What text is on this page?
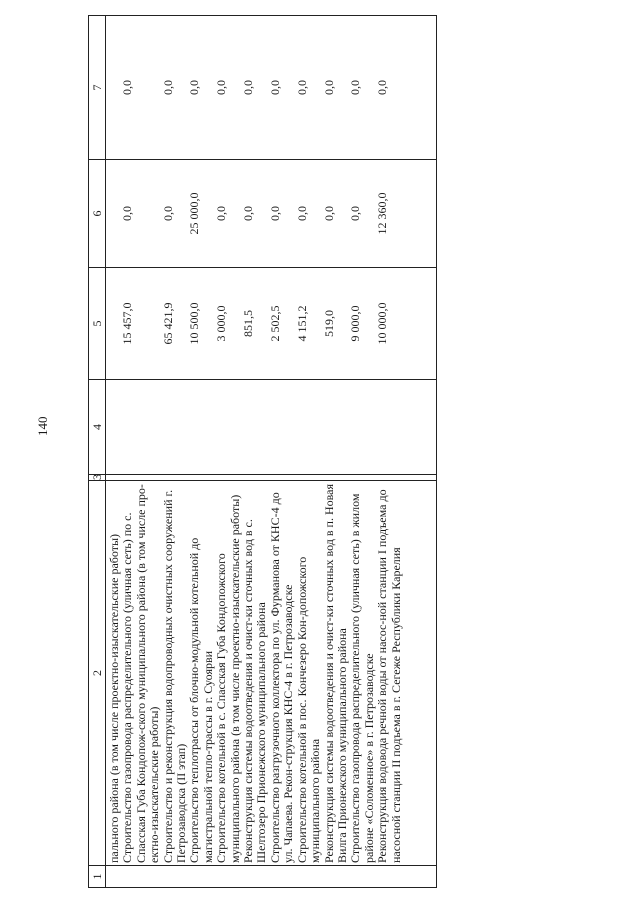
140
1	2	3	4	5	6	7
	пального района (в том числе проектно-изыскательские работы)					
	Строительство газопровода распределительного (уличная сеть) по с. Спасская Губа Кондопож-ского муниципального района (в том числе про-ектно-изыскательские работы)			15 457,0	0,0	0,0
	Строительство и реконструкция водопроводных очистных сооружений г. Петрозаводска (II этап)			65 421,9	0,0	0,0
	Строительство теплотрассы от блочно-модульной котельной до магистральной тепло-трассы в г. Суоярви			10 500,0	25 000,0	0,0
	Строительство котельной в с. Спасская Губа Кондопожского муниципального района (в том числе проектно-изыскательские работы)			3 000,0	0,0	0,0
	Реконструкция системы водоотведения и очист-ки сточных вод в с. Шелтозеро Прионежского муниципального района			851,5	0,0	0,0
	Строительство разгрузочного коллектора по ул. Фурманова от КНС-4 до ул. Чапаева. Рекон-струкция КНС-4 в г. Петрозаводске			2 502,5	0,0	0,0
	Строительство котельной в пос. Кончезеро Кон-допожского муниципального района			4 151,2	0,0	0,0
	Реконструкция системы водоотведения и очист-ки сточных вод в п. Новая Вилга Прионежского муниципального района			519,0	0,0	0,0
	Строительство газопровода распределительного (уличная сеть) в жилом районе «Соломенное» в г. Петрозаводске			9 000,0	0,0	0,0
	Реконструкция водовода речной воды от насос-ной станции I подъема до насосной станции II подъема в г. Сегеже Республики Карелия			10 000,0	12 360,0	0,0
